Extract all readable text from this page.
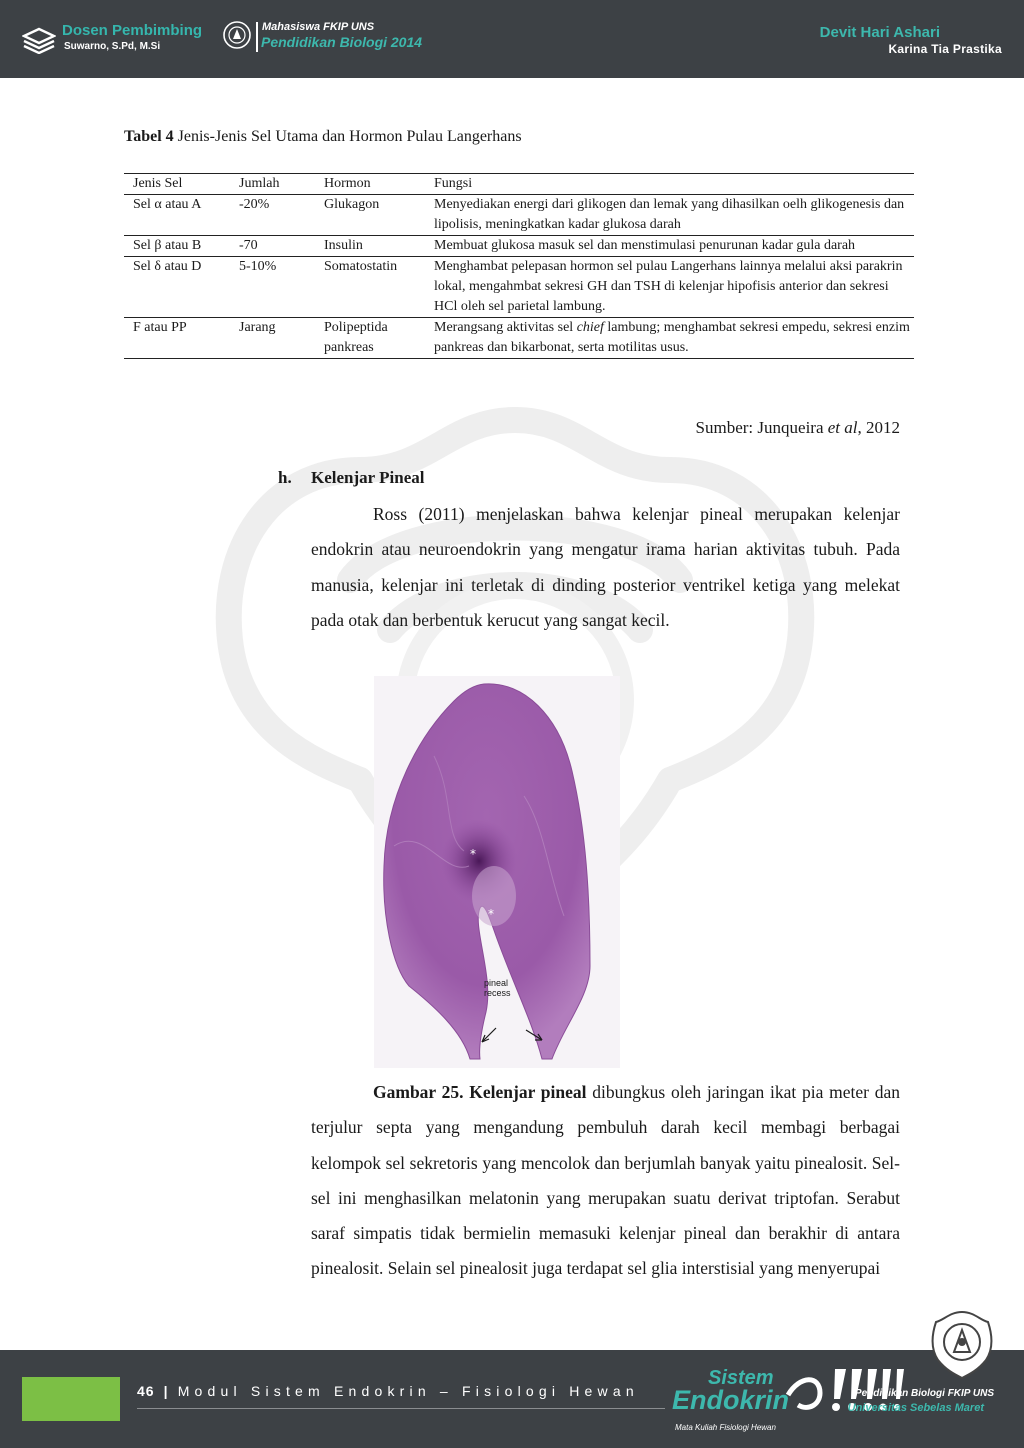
Dosen Pembimbing
Suwarno, S.Pd, M.Si
Mahasiswa FKIP UNS
Pendidikan Biologi 2014
Devit Hari Ashari
Karina Tia Prastika
Tabel 4 Jenis-Jenis Sel Utama dan Hormon Pulau Langerhans
Jenis Sel	Jumlah	Hormon	Fungsi
Sel α atau A	-20%	Glukagon	Menyediakan energi dari glikogen dan lemak yang dihasilkan oelh glikogenesis dan lipolisis, meningkatkan kadar glukosa darah
Sel β atau B	-70	Insulin	Membuat glukosa masuk sel dan menstimulasi penurunan kadar gula darah
Sel δ atau D	5-10%	Somatostatin	Menghambat pelepasan hormon sel pulau Langerhans lainnya melalui aksi parakrin lokal, mengahmbat sekresi GH dan TSH di kelenjar hipofisis anterior dan sekresi HCl oleh sel parietal lambung.
F atau PP	Jarang	Polipeptida pankreas	Merangsang aktivitas sel chief lambung; menghambat sekresi empedu, sekresi enzim pankreas dan bikarbonat, serta motilitas usus.
Sumber: Junqueira et al, 2012
h. Kelenjar Pineal
Ross (2011) menjelaskan bahwa kelenjar pineal merupakan kelenjar endokrin atau neuroendokrin yang mengatur irama harian aktivitas tubuh. Pada manusia, kelenjar ini terletak di dinding posterior ventrikel ketiga yang melekat pada otak dan berbentuk kerucut yang sangat kecil.
*
*
pineal
recess
Gambar 25. Kelenjar pineal dibungkus oleh jaringan ikat pia meter dan terjulur septa yang mengandung pembuluh darah kecil membagi berbagai kelompok sel sekretoris yang mencolok dan berjumlah banyak yaitu pinealosit. Sel-sel ini menghasilkan melatonin yang merupakan suatu derivat triptofan. Serabut saraf simpatis tidak bermielin memasuki kelenjar pineal dan berakhir di antara pinealosit. Selain sel pinealosit juga terdapat sel glia interstisial yang menyerupai
46 | Modul Sistem Endokrin – Fisiologi Hewan
Sistem
Endokrin
Mata Kuliah Fisiologi Hewan
Pendidikan Biologi FKIP UNS
Universitas Sebelas Maret
